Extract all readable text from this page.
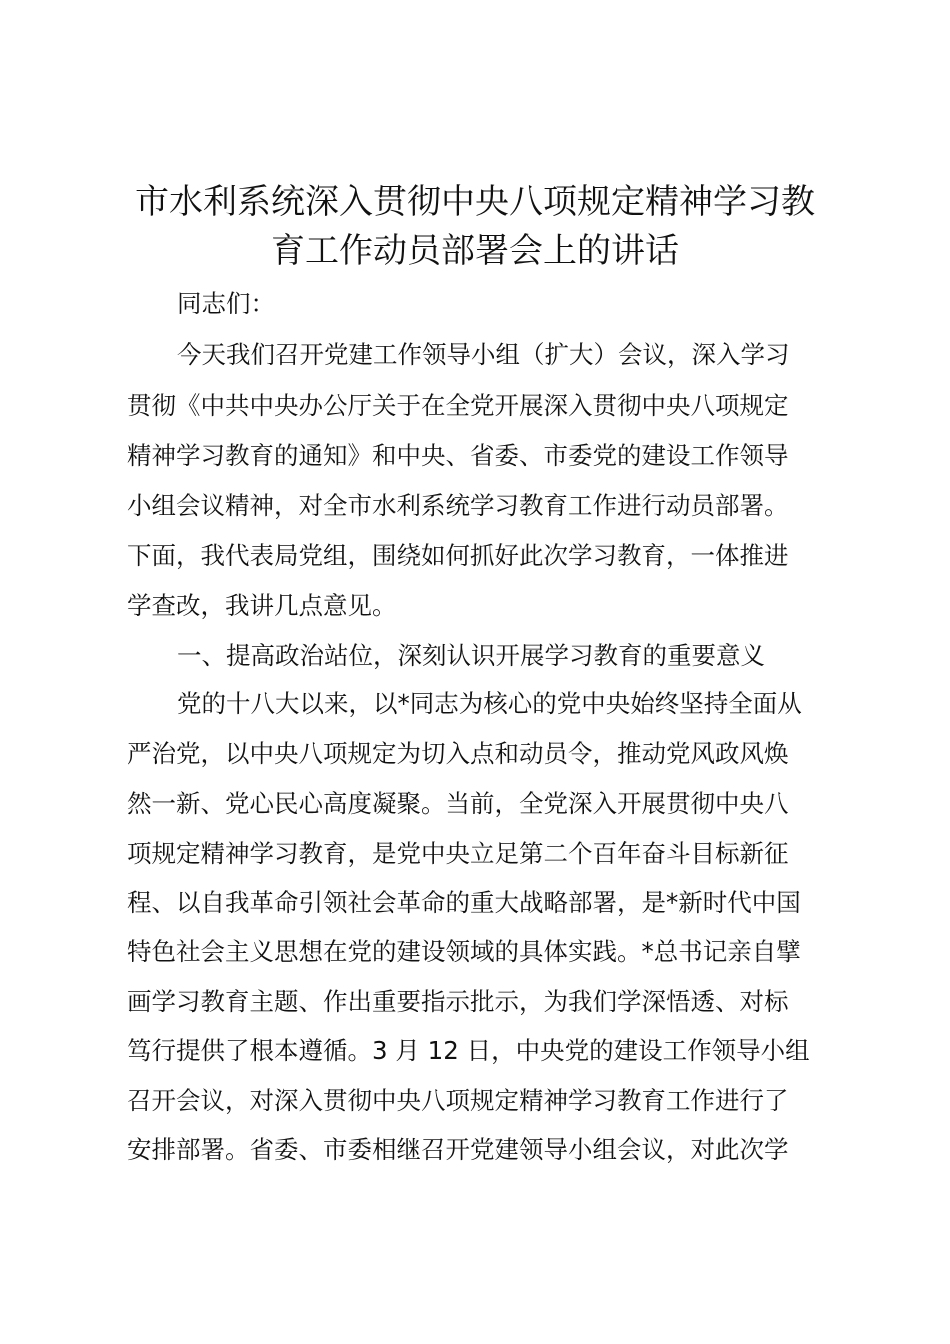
市水利系统深入贯彻中央八项规定精神学习教
育工作动员部署会上的讲话
同志们：
今天我们召开党建工作领导小组（扩大）会议，深入学习
贯彻《中共中央办公厅关于在全党开展深入贯彻中央八项规定
精神学习教育的通知》和中央、省委、市委党的建设工作领导
小组会议精神，对全市水利系统学习教育工作进行动员部署。
下面，我代表局党组，围绕如何抓好此次学习教育，一体推进
学查改，我讲几点意见。
一、提高政治站位，深刻认识开展学习教育的重要意义
党的十八大以来，以*同志为核心的党中央始终坚持全面从
严治党，以中央八项规定为切入点和动员令，推动党风政风焕
然一新、党心民心高度凝聚。当前，全党深入开展贯彻中央八
项规定精神学习教育，是党中央立足第二个百年奋斗目标新征
程、以自我革命引领社会革命的重大战略部署，是*新时代中国
特色社会主义思想在党的建设领域的具体实践。*总书记亲自擘
画学习教育主题、作出重要指示批示，为我们学深悟透、对标
笃行提供了根本遵循。3 月 12 日，中央党的建设工作领导小组
召开会议，对深入贯彻中央八项规定精神学习教育工作进行了
安排部署。省委、市委相继召开党建领导小组会议，对此次学
